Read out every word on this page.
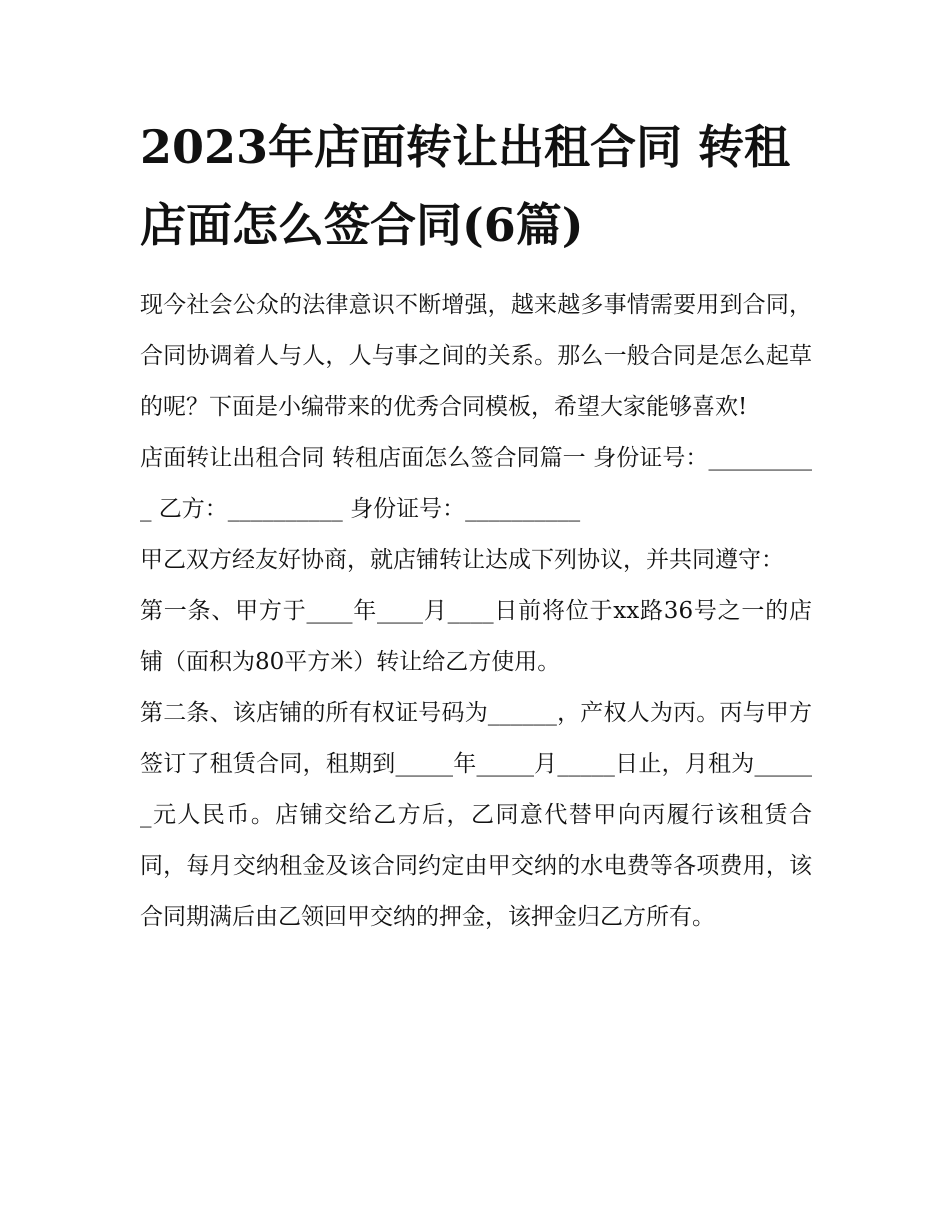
2023年店面转让出租合同 转租店面怎么签合同(6篇)

现今社会公众的法律意识不断增强，越来越多事情需要用到合同，合同协调着人与人，人与事之间的关系。那么一般合同是怎么起草的呢？下面是小编带来的优秀合同模板，希望大家能够喜欢!

店面转让出租合同 转租店面怎么签合同篇一 身份证号：__________ 乙方：__________ 身份证号：__________

甲乙双方经友好协商，就店铺转让达成下列协议，并共同遵守：

第一条、甲方于____年____月____日前将位于xx路36号之一的店铺（面积为80平方米）转让给乙方使用。

第二条、该店铺的所有权证号码为______，产权人为丙。丙与甲方签订了租赁合同，租期到_____年_____月_____日止，月租为______元人民币。店铺交给乙方后，乙同意代替甲向丙履行该租赁合同，每月交纳租金及该合同约定由甲交纳的水电费等各项费用，该合同期满后由乙领回甲交纳的押金，该押金归乙方所有。
